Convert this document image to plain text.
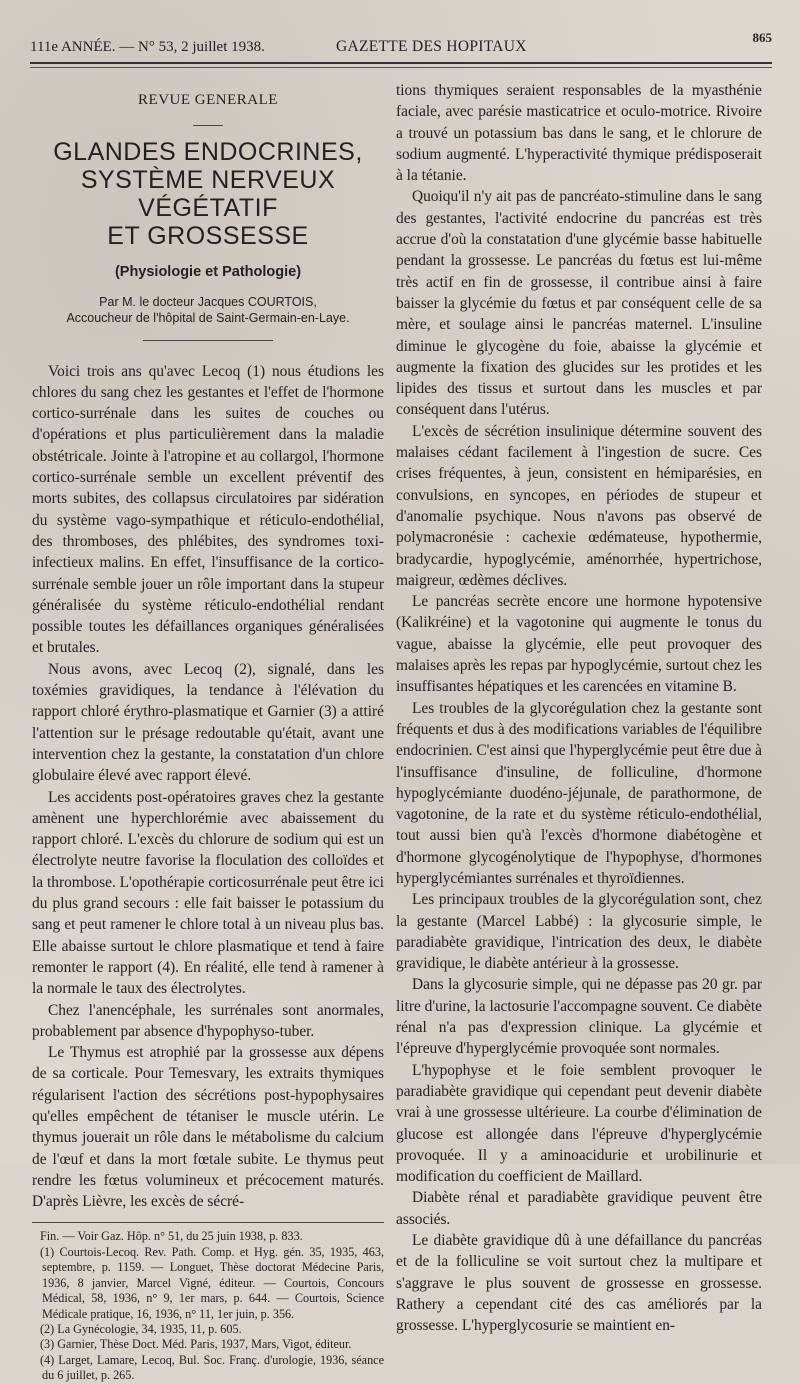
111e ANNÉE. — N° 53, 2 juillet 1938.	GAZETTE DES HOPITAUX
865
REVUE GENERALE
GLANDES ENDOCRINES,
SYSTÈME NERVEUX VÉGÉTATIF
ET GROSSESSE
(Physiologie et Pathologie)
Par M. le docteur Jacques COURTOIS,
Accoucheur de l'hôpital de Saint-Germain-en-Laye.

Voici trois ans qu'avec Lecoq (1) nous étudions les chlores du sang chez les gestantes et l'effet de l'hormone cortico-surrénale dans les suites de couches ou d'opérations et plus particulièrement dans la maladie obstétricale. Jointe à l'atropine et au collargol, l'hormone cortico-surrénale semble un excellent préventif des morts subites, des collapsus circulatoires par sidération du système vago-sympathique et réticulo-endothélial, des thromboses, des phlébites, des syndromes toxi-infectieux malins. En effet, l'insuffisance de la cortico-surrénale semble jouer un rôle important dans la stupeur généralisée du système réticulo-endothélial rendant possible toutes les défaillances organiques généralisées et brutales.

Nous avons, avec Lecoq (2), signalé, dans les toxémies gravidiques, la tendance à l'élévation du rapport chloré érythro-plasmatique et Garnier (3) a attiré l'attention sur le présage redoutable qu'était, avant une intervention chez la gestante, la constatation d'un chlore globulaire élevé avec rapport élevé.

Les accidents post-opératoires graves chez la gestante amènent une hyperchlorémie avec abaissement du rapport chloré. L'excès du chlorure de sodium qui est un électrolyte neutre favorise la floculation des colloïdes et la thrombose. L'opothérapie corticosurrénale peut être ici du plus grand secours : elle fait baisser le potassium du sang et peut ramener le chlore total à un niveau plus bas. Elle abaisse surtout le chlore plasmatique et tend à faire remonter le rapport (4). En réalité, elle tend à ramener à la normale le taux des électrolytes.

Chez l'anencéphale, les surrénales sont anormales, probablement par absence d'hypophyso-tuber.

Le Thymus est atrophié par la grossesse aux dépens de sa corticale. Pour Temesvary, les extraits thymiques régularisent l'action des sécrétions post-hypophysaires qu'elles empêchent de tétaniser le muscle utérin. Le thymus jouerait un rôle dans le métabolisme du calcium de l'œuf et dans la mort fœtale subite. Le thymus peut rendre les fœtus volumineux et précocement maturés. D'après Lièvre, les excès de sécré-

Fin. — Voir Gaz. Hôp. n° 51, du 25 juin 1938, p. 833.
(1) Courtois-Lecoq. Rev. Path. Comp. et Hyg. gén. 35, 1935, 463, septembre, p. 1159. — Longuet, Thèse doctorat Médecine Paris, 1936, 8 janvier, Marcel Vigné, éditeur. — Courtois, Concours Médical, 58, 1936, n° 9, 1er mars, p. 644. — Courtois, Science Médicale pratique, 16, 1936, n° 11, 1er juin, p. 356.
(2) La Gynécologie, 34, 1935, 11, p. 605.
(3) Garnier, Thèse Doct. Méd. Paris, 1937, Mars, Vigot, éditeur.
(4) Larget, Lamare, Lecoq, Bul. Soc. Franç. d'urologie, 1936, séance du 6 juillet, p. 265.

tions thymiques seraient responsables de la myasthénie faciale, avec parésie masticatrice et oculo-motrice. Rivoire a trouvé un potassium bas dans le sang, et le chlorure de sodium augmenté. L'hyperactivité thymique prédisposerait à la tétanie.

Quoiqu'il n'y ait pas de pancréato-stimuline dans le sang des gestantes, l'activité endocrine du pancréas est très accrue d'où la constatation d'une glycémie basse habituelle pendant la grossesse. Le pancréas du fœtus est lui-même très actif en fin de grossesse, il contribue ainsi à faire baisser la glycémie du fœtus et par conséquent celle de sa mère, et soulage ainsi le pancréas maternel. L'insuline diminue le glycogène du foie, abaisse la glycémie et augmente la fixation des glucides sur les protides et les lipides des tissus et surtout dans les muscles et par conséquent dans l'utérus.

L'excès de sécrétion insulinique détermine souvent des malaises cédant facilement à l'ingestion de sucre. Ces crises fréquentes, à jeun, consistent en hémiparésies, en convulsions, en syncopes, en périodes de stupeur et d'anomalie psychique. Nous n'avons pas observé de polymacronésie : cachexie œdémateuse, hypothermie, bradycardie, hypoglycémie, aménorrhée, hypertrichose, maigreur, œdèmes déclives.

Le pancréas secrète encore une hormone hypotensive (Kalikréine) et la vagotonine qui augmente le tonus du vague, abaisse la glycémie, elle peut provoquer des malaises après les repas par hypoglycémie, surtout chez les insuffisantes hépatiques et les carencées en vitamine B.

Les troubles de la glycorégulation chez la gestante sont fréquents et dus à des modifications variables de l'équilibre endocrinien. C'est ainsi que l'hyperglycémie peut être due à l'insuffisance d'insuline, de folliculine, d'hormone hypoglycémiante duodéno-jéjunale, de parathormone, de vagotonine, de la rate et du système réticulo-endothélial, tout aussi bien qu'à l'excès d'hormone diabétogène et d'hormone glycogénolytique de l'hypophyse, d'hormones hyperglycémiantes surrénales et thyroïdiennes.

Les principaux troubles de la glycorégulation sont, chez la gestante (Marcel Labbé) : la glycosurie simple, le paradiabète gravidique, l'intrication des deux, le diabète gravidique, le diabète antérieur à la grossesse.

Dans la glycosurie simple, qui ne dépasse pas 20 gr. par litre d'urine, la lactosurie l'accompagne souvent. Ce diabète rénal n'a pas d'expression clinique. La glycémie et l'épreuve d'hyperglycémie provoquée sont normales.

L'hypophyse et le foie semblent provoquer le paradiabète gravidique qui cependant peut devenir diabète vrai à une grossesse ultérieure. La courbe d'élimination de glucose est allongée dans l'épreuve d'hyperglycémie provoquée. Il y a aminoacidurie et urobilinurie et modification du coefficient de Maillard.

Diabète rénal et paradiabète gravidique peuvent être associés.

Le diabète gravidique dû à une défaillance du pancréas et de la folliculine se voit surtout chez la multipare et s'aggrave le plus souvent de grossesse en grossesse. Rathery a cependant cité des cas améliorés par la grossesse. L'hyperglycosurie se maintient en-
